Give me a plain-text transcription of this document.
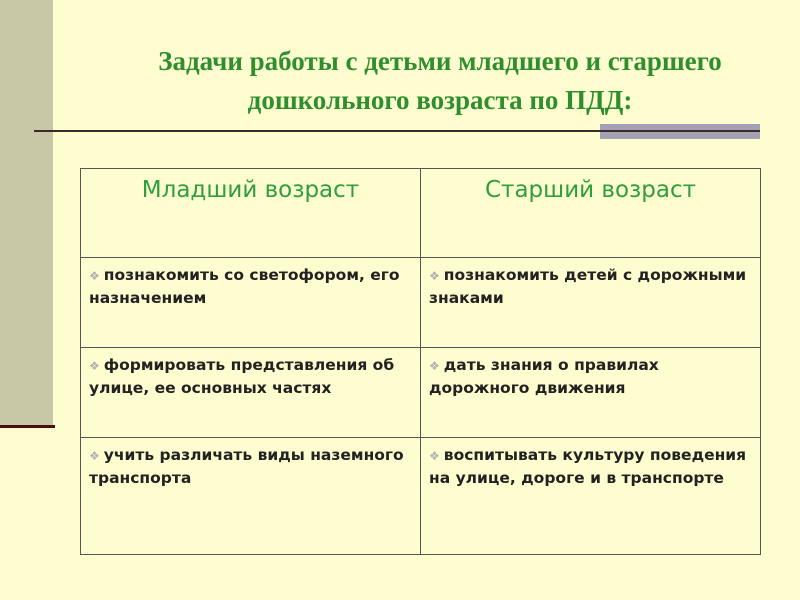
Задачи работы с детьми младшего и старшего
дошкольного возраста по ПДД:
Младший возраст	Старший возраст
❖ познакомить со светофором, его назначением	❖ познакомить детей с дорожными знаками
❖ формировать представления об улице, ее основных частях	❖ дать знания о правилах дорожного движения
❖ учить различать виды наземного транспорта	❖ воспитывать культуру поведения на улице, дороге и в транспорте
